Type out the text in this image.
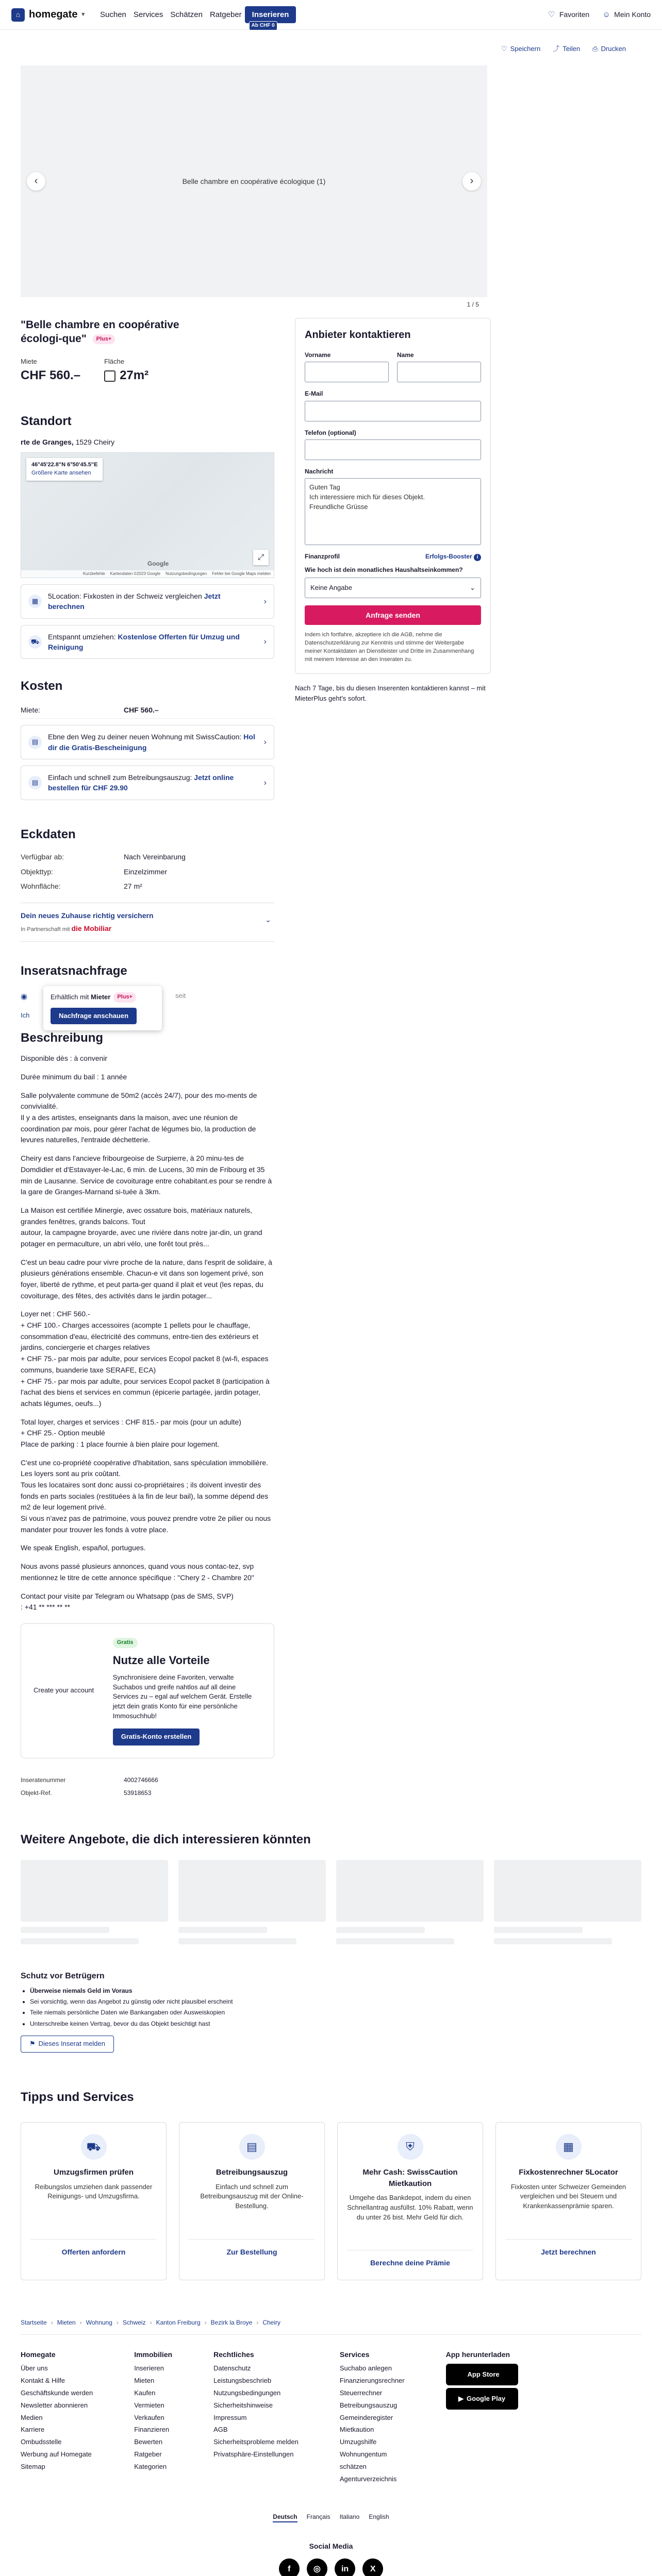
⌂ homegate ▾ Suchen Services Schätzen Ratgeber	Inserieren
Ab CHF 0
♡ Favoriten ☺ Mein Konto
♡ Speichern ⤴ Teilen ⎙ Drucken
‹	Belle chambre en coopérative écologique (1)	›
1 / 5
"Belle chambre en coopérative écologi-que" Plus+
Miete
CHF 560.–
Fläche
27m²
Standort
rte de Granges, 1529 Cheiry
46°45'22.8"N 6°50'45.5"E
Größere Karte ansehen
⤢
Google
Kurzbefehle Kartendaten ©2023 Google Nutzungsbedingungen Fehler bei Google Maps melden
▦
5Location: Fixkosten in der Schweiz vergleichen Jetzt berechnen
›
⛟
Entspannt umziehen: Kostenlose Offerten für Umzug und Reinigung
›
Kosten
Miete:	CHF 560.–
▤
Ebne den Weg zu deiner neuen Wohnung mit SwissCaution: Hol dir die Gratis-Bescheinigung
›
▤
Einfach und schnell zum Betreibungsauszug: Jetzt online bestellen für CHF 29.90
›
Eckdaten
Verfügbar ab:	Nach Vereinbarung
Objekttyp:	Einzelzimmer
Wohnfläche:	27 m²
Dein neues Zuhause richtig versichern
In Partnerschaft mit die Mobiliar
⌄
Inseratsnachfrage
◉	seit
Ich
Erhältlich mit Mieter Plus+
Nachfrage anschauen
Beschreibung

Disponible dès : à convenir

Durée minimum du bail : 1 année

Salle polyvalente commune de 50m2 (accès 24/7), pour des mo-ments de convivialité.
Il y a des artistes, enseignants dans la maison, avec une réunion de coordination par mois, pour gérer l'achat de légumes bio, la production de levures naturelles, l'entraide déchetterie.

Cheiry est dans l'ancieve fribourgeoise de Surpierre, à 20 minu-tes de Domdidier et d'Estavayer-le-Lac, 6 min. de Lucens, 30 min de Fribourg et 35 min de Lausanne. Service de covoiturage entre cohabitant.es pour se rendre à la gare de Granges-Marnand si-tuée à 3km.

La Maison est certifiée Minergie, avec ossature bois, matériaux naturels, grandes fenêtres, grands balcons. Tout
autour, la campagne broyarde, avec une rivière dans notre jar-din, un grand potager en permaculture, un abri vélo, une forêt tout près...

C'est un beau cadre pour vivre proche de la nature, dans l'esprit de solidaire, à plusieurs générations ensemble. Chacun-e vit dans son logement privé, son foyer, liberté de rythme, et peut parta-ger quand il plait et veut (les repas, du covoiturage, des fêtes, des activités dans le jardin potager...

Loyer net : CHF 560.-
+ CHF 100.- Charges accessoires (acompte 1 pellets pour le chauffage, consommation d'eau, électricité des communs, entre-tien des extérieurs et jardins, conciergerie et charges relatives
+ CHF 75.- par mois par adulte, pour services Ecopol packet 8 (wi-fi, espaces communs, buanderie taxe SERAFE, ECA)
+ CHF 75.- par mois par adulte, pour services Ecopol packet 8 (participation à l'achat des biens et services en commun (épicerie partagée, jardin potager, achats légumes, oeufs...)

Total loyer, charges et services : CHF 815.- par mois (pour un adulte)
+ CHF 25.- Option meublé
Place de parking : 1 place fournie à bien plaire pour logement.

C'est une co-propriété coopérative d'habitation, sans spéculation immobilière. Les loyers sont au prix coûtant.
Tous les locataires sont donc aussi co-propriétaires ; ils doivent investir des fonds en parts sociales (restituées à la fin de leur bail), la somme dépend des m2 de leur logement privé.
Si vous n'avez pas de patrimoine, vous pouvez prendre votre 2e pilier ou nous mandater pour trouver les fonds à votre place.

We speak English, español, portugues.

Nous avons passé plusieurs annonces, quand vous nous contac-tez, svp mentionnez le titre de cette annonce spécifique : "Chery 2 - Chambre 20"

Contact pour visite par Telegram ou Whatsapp (pas de SMS, SVP)
: +41 ** *** ** **

Create your account
Gratis
Nutze alle Vorteile

Synchronisiere deine Favoriten, verwalte Suchabos und greife nahtlos auf all deine Services zu – egal auf welchem Gerät. Erstelle jetzt dein gratis Konto für eine persönliche Immosuchhub!

Gratis-Konto erstellen
Inseratenummer	4002746666
Objekt-Ref.	53918653
Anbieter kontaktieren
Vorname	Name
E-Mail
Telefon (optional)
Nachricht
Guten Tag
Ich interessiere mich für dieses Objekt.
Freundliche Grüsse
Finanzprofil	Erfolgs-Booster i
Wie hoch ist dein monatliches Haushaltseinkommen?
Keine Angabe	⌄
Anfrage senden
Indem ich fortfahre, akzeptiere ich die AGB, nehme die Datenschutzerklärung zur Kenntnis und stimme der Weitergabe meiner Kontaktdaten an Dienstleister und Dritte im Zusammenhang mit meinem Interesse an den Inseraten zu.
Nach 7 Tage, bis du diesen Inserenten kontaktieren kannst – mit MieterPlus geht's sofort.
Weitere Angebote, die dich interessieren könnten
Schutz vor Betrügern
• Überweise niemals Geld im Voraus
• Sei vorsichtig, wenn das Angebot zu günstig oder nicht plausibel erscheint
• Teile niemals persönliche Daten wie Bankangaben oder Ausweiskopien
• Unterschreibe keinen Vertrag, bevor du das Objekt besichtigt hast
⚑ Dieses Inserat melden
Tipps und Services
⛟
Umzugsfirmen prüfen

Reibungslos umziehen dank passender Reinigungs- und Umzugsfirma.

Offerten anfordern
▤
Betreibungsauszug

Einfach und schnell zum Betreibungsauszug mit der Online-Bestellung.

Zur Bestellung
⛨
Mehr Cash: SwissCaution Mietkaution

Umgehe das Bankdepot, indem du einen Schnellantrag ausfüllst. 10% Rabatt, wenn du unter 26 bist. Mehr Geld für dich.

Berechne deine Prämie
▦
Fixkostenrechner 5Locator

Fixkosten unter Schweizer Gemeinden vergleichen und bei Steuern und Krankenkassenprämie sparen.

Jetzt berechnen
Startseite › Mieten › Wohnung › Schweiz › Kanton Freiburg › Bezirk la Broye › Cheiry
Homegate
Über uns
Kontakt & Hilfe
Geschäftskunde werden
Newsletter abonnieren
Medien
Karriere
Ombudsstelle
Werbung auf Homegate
Sitemap
Immobilien
Inserieren
Mieten
Kaufen
Vermieten
Verkaufen
Finanzieren
Bewerten
Ratgeber
Kategorien
Rechtliches
Datenschutz
Leistungsbeschrieb
Nutzungsbedingungen
Sicherheitshinweise
Impressum
AGB
Sicherheitsprobleme melden
Privatsphäre-Einstellungen
Services
Suchabo anlegen
Finanzierungsrechner
Steuerrechner
Betreibungsauszug
Gemeinderegister
Mietkaution
Umzugshilfe
Wohnungentum
schätzen
Agenturverzeichnis
App herunterladen
App Store
▶ Google Play
Deutsch Français Italiano English
Social Media
f	◎	in	X
